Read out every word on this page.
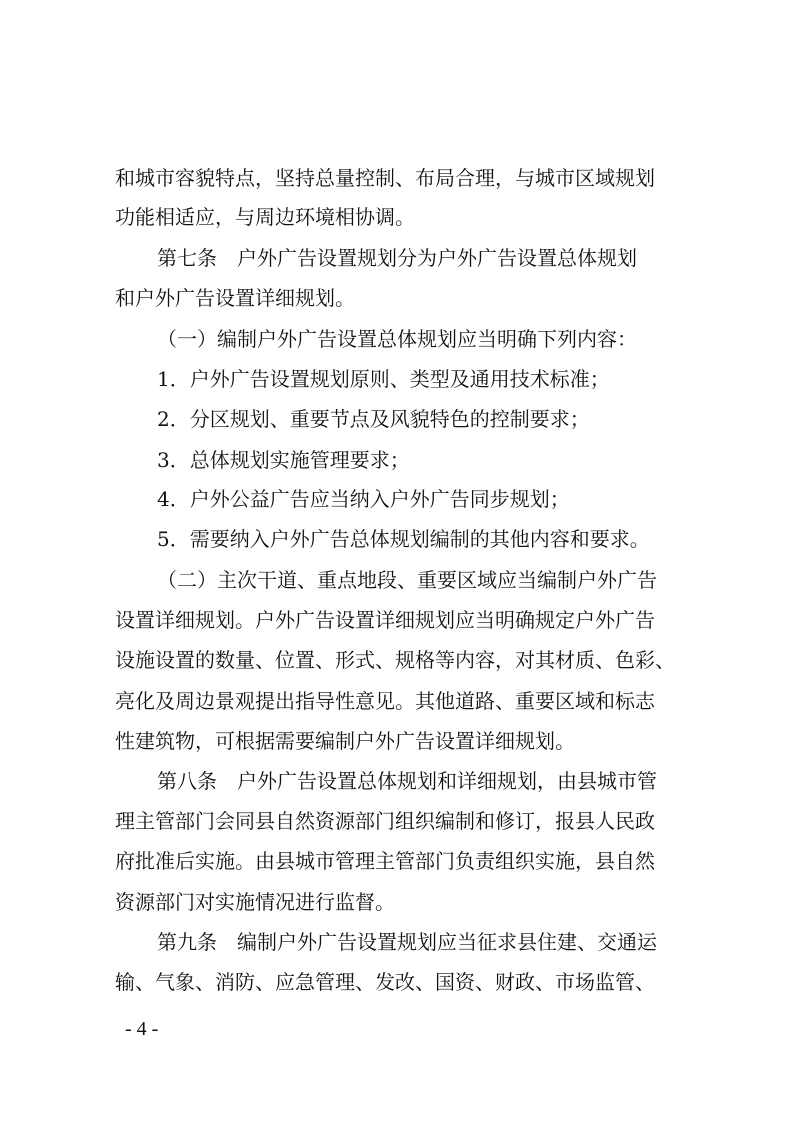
和城市容貌特点，坚持总量控制、布局合理，与城市区域规划
功能相适应，与周边环境相协调。
第七条　户外广告设置规划分为户外广告设置总体规划
和户外广告设置详细规划。
（一）编制户外广告设置总体规划应当明确下列内容：
1．户外广告设置规划原则、类型及通用技术标准；
2．分区规划、重要节点及风貌特色的控制要求；
3．总体规划实施管理要求；
4．户外公益广告应当纳入户外广告同步规划；
5．需要纳入户外广告总体规划编制的其他内容和要求。
（二）主次干道、重点地段、重要区域应当编制户外广告
设置详细规划。户外广告设置详细规划应当明确规定户外广告
设施设置的数量、位置、形式、规格等内容，对其材质、色彩、
亮化及周边景观提出指导性意见。其他道路、重要区域和标志
性建筑物，可根据需要编制户外广告设置详细规划。
第八条　户外广告设置总体规划和详细规划，由县城市管
理主管部门会同县自然资源部门组织编制和修订，报县人民政
府批准后实施。由县城市管理主管部门负责组织实施，县自然
资源部门对实施情况进行监督。
第九条　编制户外广告设置规划应当征求县住建、交通运
输、气象、消防、应急管理、发改、国资、财政、市场监管、
- 4 -
